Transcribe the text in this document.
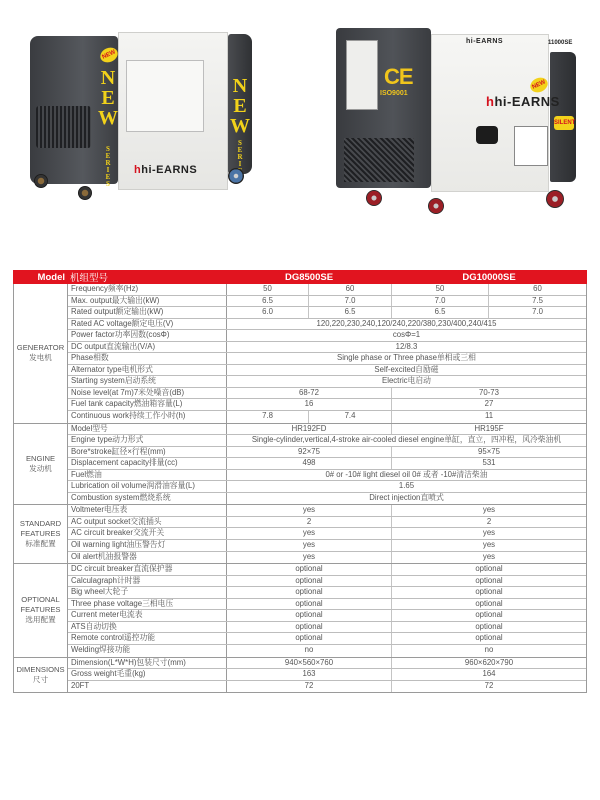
NEW
N
E
W
S
E
R
I
E
S
N
E
W
S
E
R
I

hhi-EARNS
CE
ISO9001
hi-EARNS	11000SE
hhi-EARNS
NEW
SILENT
Model 机组型号	DG8500SE	DG10000SE
GENERATOR
发电机
Frequency频率(Hz)	50	60	50	60
Max. output最大输出(kW)	6.5	7.0	7.0	7.5
Rated output额定输出(kW)	6.0	6.5	6.5	7.0
Rated AC voltage额定电压(V)	120,220,230,240,120/240,220/380,230/400,240/415
Power factor功率因数(cosΦ)	cosΦ=1
DC output直流输出(V/A)	12/8.3
Phase相数	Single phase or Three phase单相或三相
Alternator type电机形式	Self-excited自励磁
Starting system启动系统	Electric电启动
Noise level(at 7m)7米处噪音(dB)	68-72	70-73
Fuel tank capacity燃油箱容量(L)	16	27
Continuous work持续工作小时(h)	7.8	7.4	11
ENGINE
发动机
Model型号	HR192FD	HR195F
Engine type动力形式	Single-cylinder,vertical,4-stroke air-cooled diesel engine单缸，直立，四冲程，风冷柴油机
Bore*stroke缸径×行程(mm)	92×75	95×75
Displacement capacity排量(cc)	498	531
Fuel燃油	0# or -10# light diesel oil 0# 或者 -10#清洁柴油
Lubrication oil volume润滑油容量(L)	1.65
Combustion system燃烧系统	Direct injection直喷式
STANDARD
FEATURES
标准配置
Voltmeter电压表	yes	yes
AC output socket交流插头	2	2
AC circuit breaker交流开关	yes	yes
Oil warning light油压警告灯	yes	yes
Oil alert机油报警器	yes	yes
OPTIONAL
FEATURES
选用配置
DC circuit breaker直流保护器	optional	optional
Calculagraph计时器	optional	optional
Big wheel大轮子	optional	optional
Three phase voltage三相电压	optional	optional
Current meter电流表	optional	optional
ATS自动切换	optional	optional
Remote control遥控功能	optional	optional
Welding焊接功能	no	no
DIMENSIONS
尺寸
Dimension(L*W*H)包装尺寸(mm)	940×560×760	960×620×790
Gross weight毛重(kg)	163	164
20FT	72	72
